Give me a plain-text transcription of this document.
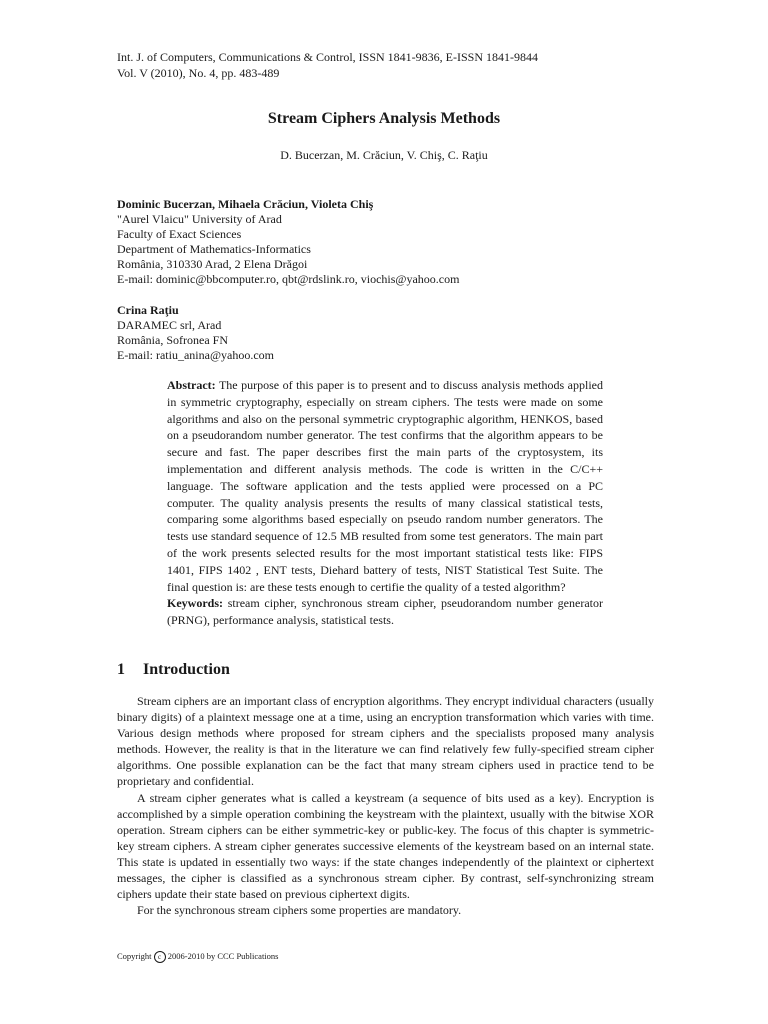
Int. J. of Computers, Communications & Control, ISSN 1841-9836, E-ISSN 1841-9844
Vol. V (2010), No. 4, pp. 483-489
Stream Ciphers Analysis Methods
D. Bucerzan, M. Crăciun, V. Chiş, C. Raţiu
Dominic Bucerzan, Mihaela Crăciun, Violeta Chiş
"Aurel Vlaicu" University of Arad
Faculty of Exact Sciences
Department of Mathematics-Informatics
România, 310330 Arad, 2 Elena Drăgoi
E-mail: dominic@bbcomputer.ro, qbt@rdslink.ro, viochis@yahoo.com
Crina Raţiu
DARAMEC srl, Arad
România, Sofronea FN
E-mail: ratiu_anina@yahoo.com
Abstract: The purpose of this paper is to present and to discuss analysis methods applied in symmetric cryptography, especially on stream ciphers. The tests were made on some algorithms and also on the personal symmetric cryptographic algorithm, HENKOS, based on a pseudorandom number generator. The test confirms that the algorithm appears to be secure and fast. The paper describes first the main parts of the cryptosystem, its implementation and different analysis methods. The code is written in the C/C++ language. The software application and the tests applied were processed on a PC computer. The quality analysis presents the results of many classical statistical tests, comparing some algorithms based especially on pseudo random number generators. The tests use standard sequence of 12.5 MB resulted from some test generators. The main part of the work presents selected results for the most important statistical tests like: FIPS 1401, FIPS 1402 , ENT tests, Diehard battery of tests, NIST Statistical Test Suite. The final question is: are these tests enough to certifie the quality of a tested algorithm?
Keywords: stream cipher, synchronous stream cipher, pseudorandom number generator (PRNG), performance analysis, statistical tests.
1 Introduction

Stream ciphers are an important class of encryption algorithms. They encrypt individual characters (usually binary digits) of a plaintext message one at a time, using an encryption transformation which varies with time. Various design methods where proposed for stream ciphers and the specialists proposed many analysis methods. However, the reality is that in the literature we can find relatively few fully-specified stream cipher algorithms. One possible explanation can be the fact that many stream ciphers used in practice tend to be proprietary and confidential.

A stream cipher generates what is called a keystream (a sequence of bits used as a key). Encryption is accomplished by a simple operation combining the keystream with the plaintext, usually with the bitwise XOR operation. Stream ciphers can be either symmetric-key or public-key. The focus of this chapter is symmetric-key stream ciphers. A stream cipher generates successive elements of the keystream based on an internal state. This state is updated in essentially two ways: if the state changes independently of the plaintext or ciphertext messages, the cipher is classified as a synchronous stream cipher. By contrast, self-synchronizing stream ciphers update their state based on previous ciphertext digits.

For the synchronous stream ciphers some properties are mandatory.

Copyright c 2006-2010 by CCC Publications
